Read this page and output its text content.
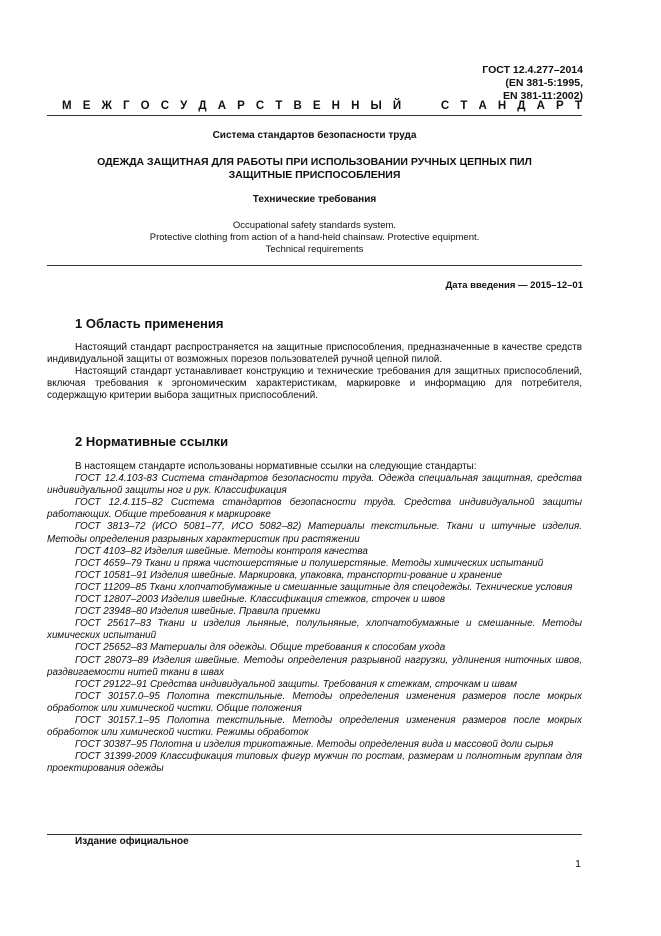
ГОСТ 12.4.277–2014
(EN 381-5:1995,
EN 381-11:2002)
М Е Ж Г О С У Д А Р С Т В Е Н Н Ы Й

	С Т А Н Д А Р Т
Система стандартов безопасности труда
ОДЕЖДА ЗАЩИТНАЯ ДЛЯ РАБОТЫ ПРИ ИСПОЛЬЗОВАНИИ РУЧНЫХ ЦЕПНЫХ ПИЛ
ЗАЩИТНЫЕ ПРИСПОСОБЛЕНИЯ
Технические требования
Occupational safety standards system.
Protective clothing from action of a hand-held chainsaw. Protective equipment.
Technical requirements
Дата введения — 2015–12–01
1 Область применения

Настоящий стандарт распространяется на защитные приспособления, предназначенные в качестве средств индивидуальной защиты от возможных порезов пользователей ручной цепной пилой.

Настоящий стандарт устанавливает конструкцию и технические требования для защитных приспособлений, включая требования к эргономическим характеристикам, маркировке и информацию для потребителя, содержащую критерии выбора защитных приспособлений.

2 Нормативные ссылки

В настоящем стандарте использованы нормативные ссылки на следующие стандарты:

ГОСТ 12.4.103-83 Система стандартов безопасности труда. Одежда специальная защитная, средства индивидуальной защиты ног и рук. Классификация

ГОСТ 12.4.115–82 Система стандартов безопасности труда. Средства индивидуальной защиты работающих. Общие требования к маркировке

ГОСТ 3813–72 (ИСО 5081–77, ИСО 5082–82) Материалы текстильные. Ткани и штучные изделия. Методы определения разрывных характеристик при растяжении

ГОСТ 4103–82 Изделия швейные. Методы контроля качества

ГОСТ 4659–79 Ткани и пряжа чистошерстяные и полушерстяные. Методы химических испытаний

ГОСТ 10581–91 Изделия швейные. Маркировка, упаковка, транспорти-рование и хранение

ГОСТ 11209–85 Ткани хлопчатобумажные и смешанные защитные для спецодежды. Технические условия

ГОСТ 12807–2003 Изделия швейные. Классификация стежков, строчек и швов

ГОСТ 23948–80 Изделия швейные. Правила приемки

ГОСТ 25617–83 Ткани и изделия льняные, полульняные, хлопчатобумажные и смешанные. Методы химических испытаний

ГОСТ 25652–83 Материалы для одежды. Общие требования к способам ухода

ГОСТ 28073–89 Изделия швейные. Методы определения разрывной нагрузки, удлинения ниточных швов, раздвигаемости нитей ткани в швах

ГОСТ 29122–91 Средства индивидуальной защиты. Требования к стежкам, строчкам и швам

ГОСТ 30157.0–95 Полотна текстильные. Методы определения изменения размеров после мокрых обработок или химической чистки. Общие положения

ГОСТ 30157.1–95 Полотна текстильные. Методы определения изменения размеров после мокрых обработок или химической чистки. Режимы обработок

ГОСТ 30387–95 Полотна и изделия трикотажные. Методы определения вида и массовой доли сырья

ГОСТ 31399-2009 Классификация типовых фигур мужчин по ростам, размерам и полнотным группам для проектирования одежды

Издание официальное
1
